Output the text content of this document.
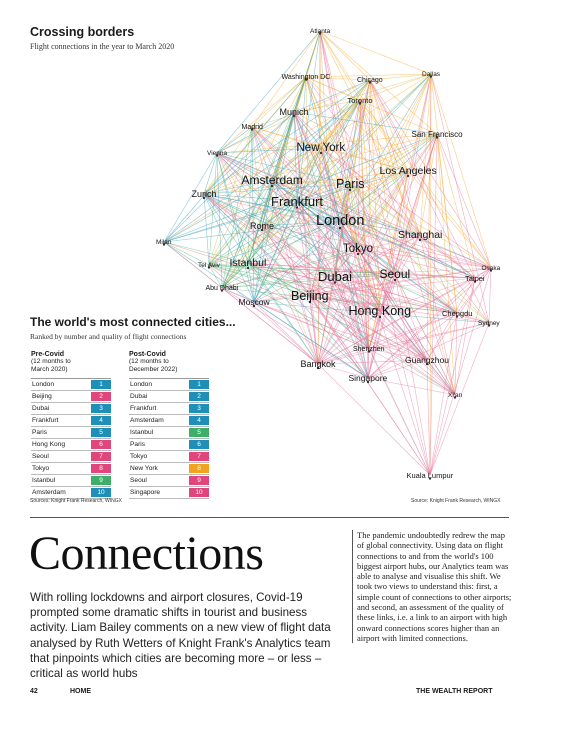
Crossing borders
Flight connections in the year to March 2020
Atlanta
Dallas
Washington DC	Chicago
Toronto
Munich
Madrid
San Francisco
New York
Vienna
Los Angeles
Amsterdam	Paris
Zurich	Frankfurt
London
Rome
Shanghai
Tokyo
Milan
Tel Aviv Istanbul
Dubai Seoul	Osaka
Taipei
Abu Dhabi
Beijing
Moscow
Hong Kong	Chengdu
Sydney
Shenzhen
Bangkok	Guangzhou
Singapore
Xi'an
Kuala Lumpur
The world's most connected cities...
Ranked by number and quality of flight connections
Pre-Covid
(12 months to
March 2020)
London	1
Beijing	2
Dubai	3
Frankfurt	4
Paris	5
Hong Kong	6
Seoul	7
Tokyo	8
Istanbul	9
Amsterdam	10
Post-Covid
(12 months to
December 2022)
London	1
Dubai	2
Frankfurt	3
Amsterdam	4
Istanbul	5
Paris	6
Tokyo	7
New York	8
Seoul	9
Singapore	10
Sources: Knight Frank Research, WINGX	Source: Knight Frank Research, WINGX
Connections
With rolling lockdowns and airport closures, Covid-19 prompted some dramatic shifts in tourist and business activity. Liam Bailey comments on a new view of flight data analysed by Ruth Wetters of Knight Frank's Analytics team that pinpoints which cities are becoming more – or less – critical as world hubs
The pandemic undoubtedly redrew the map of global connectivity. Using data on flight connections to and from the world's 100 biggest airport hubs, our Analytics team was able to analyse and visualise this shift. We took two views to understand this: first, a simple count of connections to other airports; and second, an assessment of the quality of these links, i.e. a link to an airport with high onward connections scores higher than an airport with limited connections.
42	HOME	THE WEALTH REPORT
